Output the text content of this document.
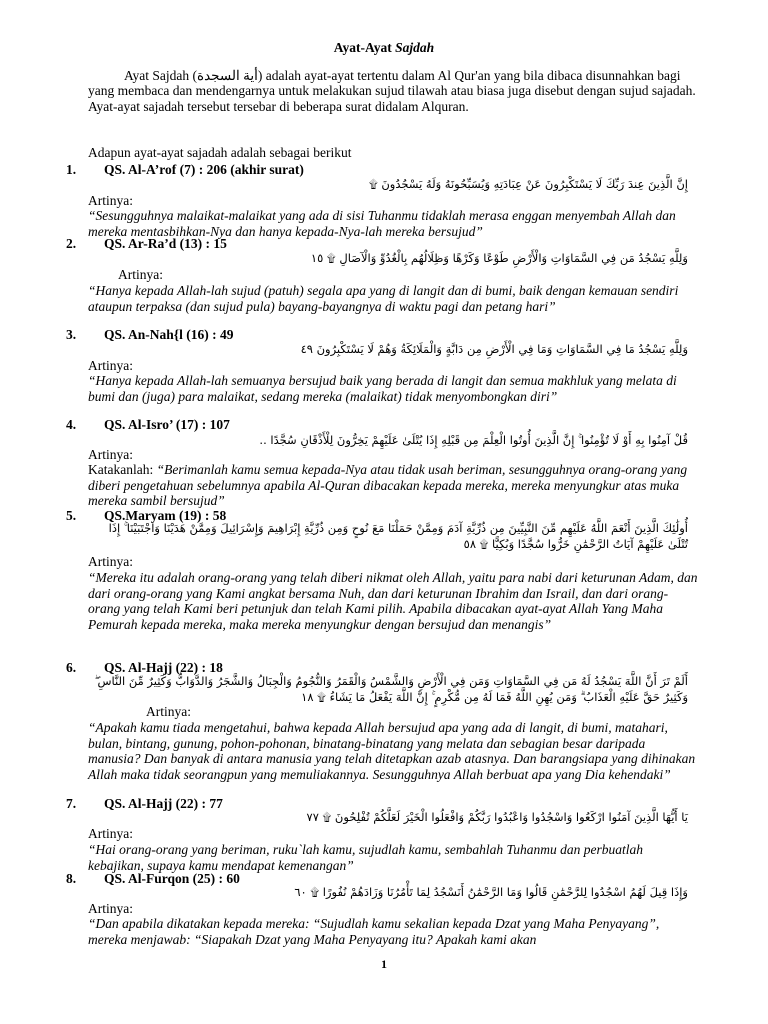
Ayat-Ayat Sajdah
Ayat Sajdah (أية السجدة) adalah ayat-ayat tertentu dalam Al Qur'an yang bila dibaca disunnahkan bagi yang membaca dan mendengarnya untuk melakukan sujud tilawah atau biasa juga disebut dengan sujud sajadah. Ayat-ayat sajadah tersebut tersebar di beberapa surat didalam Alquran.
Adapun ayat-ayat sajadah adalah sebagai berikut
1. QS. Al-A’rof (7) : 206 (akhir surat)
إِنَّ الَّذِينَ عِندَ رَبِّكَ لَا يَسْتَكْبِرُونَ عَنْ عِبَادَتِهِ وَيُسَبِّحُونَهُ وَلَهُ يَسْجُدُونَ ۩
Artinya:
“Sesungguhnya malaikat-malaikat yang ada di sisi Tuhanmu tidaklah merasa enggan menyembah Allah dan mereka mentasbihkan-Nya dan hanya kepada-Nya-lah mereka bersujud”
2. QS. Ar-Ra’d (13) : 15
وَلِلَّهِ يَسْجُدُ مَن فِي السَّمَاوَاتِ وَالْأَرْضِ طَوْعًا وَكَرْهًا وَظِلَالُهُم بِالْغُدُوِّ وَالْآصَالِ ۩ ١٥
Artinya:
“Hanya kepada Allah-lah sujud (patuh) segala apa yang di langit dan di bumi, baik dengan kemauan sendiri ataupun terpaksa (dan sujud pula) bayang-bayangnya di waktu pagi dan petang hari”
3. QS. An-Nah{l (16) : 49
وَلِلَّهِ يَسْجُدُ مَا فِي السَّمَاوَاتِ وَمَا فِي الْأَرْضِ مِن دَابَّةٍ وَالْمَلَائِكَةُ وَهُمْ لَا يَسْتَكْبِرُونَ ٤٩
Artinya:
“Hanya kepada Allah-lah semuanya bersujud baik yang berada di langit dan semua makhluk yang melata di bumi dan (juga) para malaikat, sedang mereka (malaikat) tidak menyombongkan diri”
4. QS. Al-Isro’ (17) : 107
قُلْ آمِنُوا بِهِ أَوْ لَا تُؤْمِنُوا ۚ إِنَّ الَّذِينَ أُوتُوا الْعِلْمَ مِن قَبْلِهِ إِذَا يُتْلَىٰ عَلَيْهِمْ يَخِرُّونَ لِلْأَذْقَانِ سُجَّدًا ..
Artinya:
Katakanlah: “Berimanlah kamu semua kepada-Nya atau tidak usah beriman, sesungguhnya orang-orang yang diberi pengetahuan sebelumnya apabila Al-Quran dibacakan kepada mereka, mereka menyungkur atas muka mereka sambil bersujud”
5. QS.Maryam (19) : 58
أُولَٰئِكَ الَّذِينَ أَنْعَمَ اللَّهُ عَلَيْهِم مِّنَ النَّبِيِّينَ مِن ذُرِّيَّةِ آدَمَ وَمِمَّنْ حَمَلْنَا مَعَ نُوحٍ وَمِن ذُرِّيَّةِ إِبْرَاهِيمَ وَإِسْرَائِيلَ وَمِمَّنْ هَدَيْنَا وَاجْتَبَيْنَا ۚ إِذَا تُتْلَىٰ عَلَيْهِمْ آيَاتُ الرَّحْمَٰنِ خَرُّوا سُجَّدًا وَبُكِيًّا ۩ ٥٨
Artinya:
“Mereka itu adalah orang-orang yang telah diberi nikmat oleh Allah, yaitu para nabi dari keturunan Adam, dan dari orang-orang yang Kami angkat bersama Nuh, dan dari keturunan Ibrahim dan Israil, dan dari orang-orang yang telah Kami beri petunjuk dan telah Kami pilih. Apabila dibacakan ayat-ayat Allah Yang Maha Pemurah kepada mereka, maka mereka menyungkur dengan bersujud dan menangis”
6. QS. Al-Hajj (22) : 18
أَلَمْ تَرَ أَنَّ اللَّهَ يَسْجُدُ لَهُ مَن فِي السَّمَاوَاتِ وَمَن فِي الْأَرْضِ وَالشَّمْسُ وَالْقَمَرُ وَالنُّجُومُ وَالْجِبَالُ وَالشَّجَرُ وَالدَّوَابُّ وَكَثِيرٌ مِّنَ النَّاسِ ۖ وَكَثِيرٌ حَقَّ عَلَيْهِ الْعَذَابُ ۗ وَمَن يُهِنِ اللَّهُ فَمَا لَهُ مِن مُّكْرِمٍ ۚ إِنَّ اللَّهَ يَفْعَلُ مَا يَشَاءُ ۩ ١٨
Artinya:
“Apakah kamu tiada mengetahui, bahwa kepada Allah bersujud apa yang ada di langit, di bumi, matahari, bulan, bintang, gunung, pohon-pohonan, binatang-binatang yang melata dan sebagian besar daripada manusia? Dan banyak di antara manusia yang telah ditetapkan azab atasnya. Dan barangsiapa yang dihinakan Allah maka tidak seorangpun yang memuliakannya. Sesungguhnya Allah berbuat apa yang Dia kehendaki”
7. QS. Al-Hajj (22) : 77
يَا أَيُّهَا الَّذِينَ آمَنُوا ارْكَعُوا وَاسْجُدُوا وَاعْبُدُوا رَبَّكُمْ وَافْعَلُوا الْخَيْرَ لَعَلَّكُمْ تُفْلِحُونَ ۩ ٧٧
Artinya:
“Hai orang-orang yang beriman, ruku`lah kamu, sujudlah kamu, sembahlah Tuhanmu dan perbuatlah kebajikan, supaya kamu mendapat kemenangan”
8. QS. Al-Furqon (25) : 60
وَإِذَا قِيلَ لَهُمُ اسْجُدُوا لِلرَّحْمَٰنِ قَالُوا وَمَا الرَّحْمَٰنُ أَنَسْجُدُ لِمَا تَأْمُرُنَا وَزَادَهُمْ نُفُورًا ۩ ٦٠
Artinya:
“Dan apabila dikatakan kepada mereka: “Sujudlah kamu sekalian kepada Dzat yang Maha Penyayang”, mereka menjawab: “Siapakah Dzat yang Maha Penyayang itu? Apakah kami akan
1
